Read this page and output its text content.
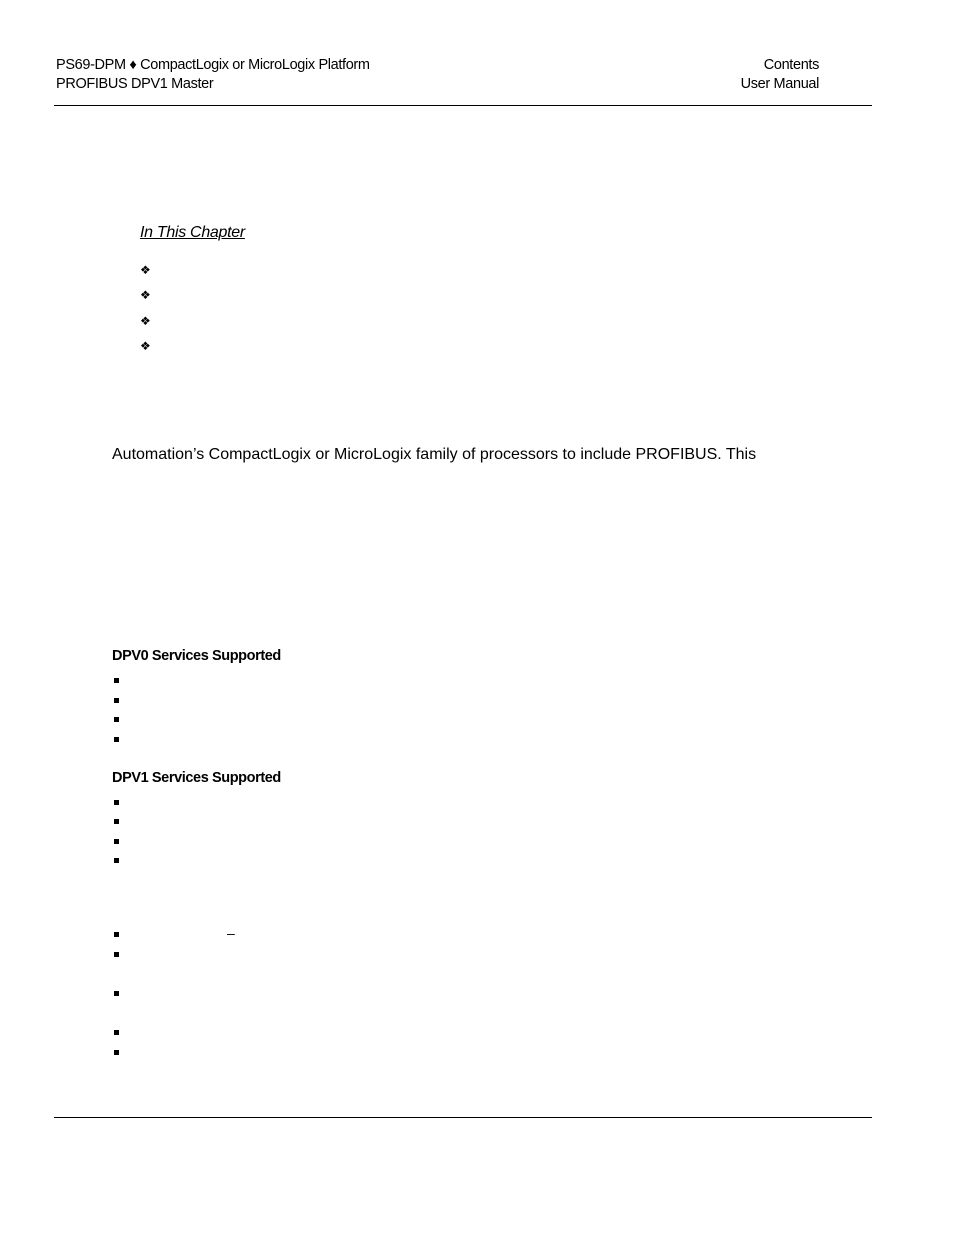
PS69-DPM ♦ CompactLogix or MicroLogix Platform
PROFIBUS DPV1 Master
Contents
User Manual
In This Chapter
❖
❖
❖
❖
Automation’s CompactLogix or MicroLogix family of processors to include PROFIBUS. This
DPV0 Services Supported
DPV1 Services Supported
–
